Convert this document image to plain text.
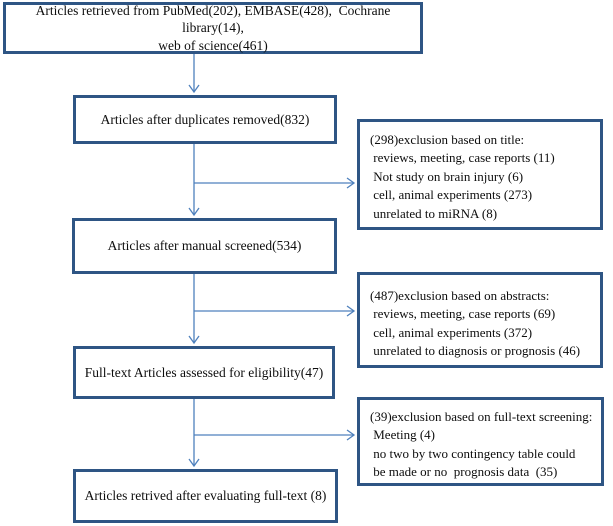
Articles retrieved from PubMed(202), EMBASE(428),  Cochrane library(14),
web of science(461)
Articles after duplicates removed(832)
Articles after manual screened(534)
Full-text Articles assessed for eligibility(47)
Articles retrived after evaluating full-text (8)
(298)exclusion based on title:
reviews, meeting, case reports (11)
Not study on brain injury (6)
cell, animal experiments (273)
unrelated to miRNA (8)
(487)exclusion based on abstracts:
reviews, meeting, case reports (69)
cell, animal experiments (372)
unrelated to diagnosis or prognosis (46)
(39)exclusion based on full-text screening:
Meeting (4)
no two by two contingency table could
be made or no  prognosis data  (35)
